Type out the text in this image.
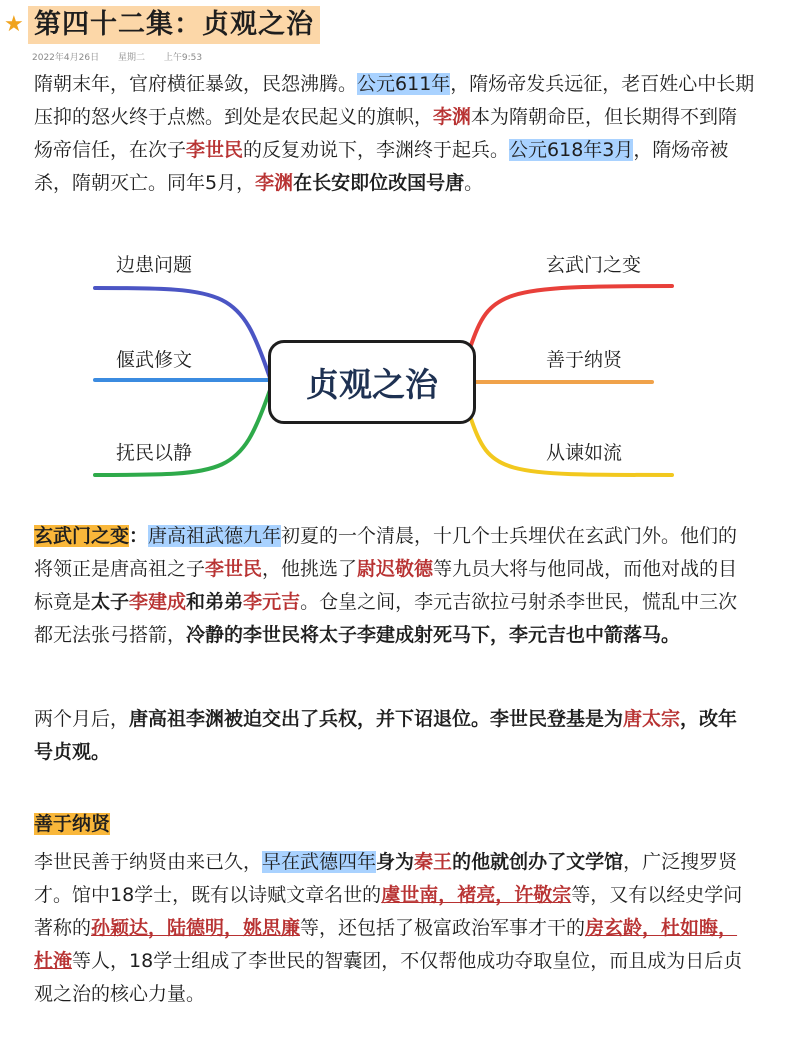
★ 第四十二集：贞观之治
2022年4月26日 星期二 上午9:53
隋朝末年，官府横征暴敛，民怨沸腾。公元611年，隋炀帝发兵远征，老百姓心中长期压抑的怒火终于点燃。到处是农民起义的旗帜，李渊本为隋朝命臣，但长期得不到隋炀帝信任，在次子李世民的反复劝说下，李渊终于起兵。公元618年3月，隋炀帝被杀，隋朝灭亡。同年5月，李渊在长安即位改国号唐。
边患问题
偃武修文
抚民以静
玄武门之变
善于纳贤
从谏如流
贞观之治
玄武门之变：唐高祖武德九年初夏的一个清晨，十几个士兵埋伏在玄武门外。他们的将领正是唐高祖之子李世民，他挑选了尉迟敬德等九员大将与他同战，而他对战的目标竟是太子李建成和弟弟李元吉。仓皇之间，李元吉欲拉弓射杀李世民，慌乱中三次都无法张弓搭箭，冷静的李世民将太子李建成射死马下，李元吉也中箭落马。
两个月后，唐高祖李渊被迫交出了兵权，并下诏退位。李世民登基是为唐太宗，改年号贞观。
善于纳贤
李世民善于纳贤由来已久，早在武德四年身为秦王的他就创办了文学馆，广泛搜罗贤才。馆中18学士，既有以诗赋文章名世的虞世南，褚亮，许敬宗等，又有以经史学问著称的孙颖达，陆德明，姚思廉等，还包括了极富政治军事才干的房玄龄，杜如晦，杜淹等人，18学士组成了李世民的智囊团，不仅帮他成功夺取皇位，而且成为日后贞观之治的核心力量。
